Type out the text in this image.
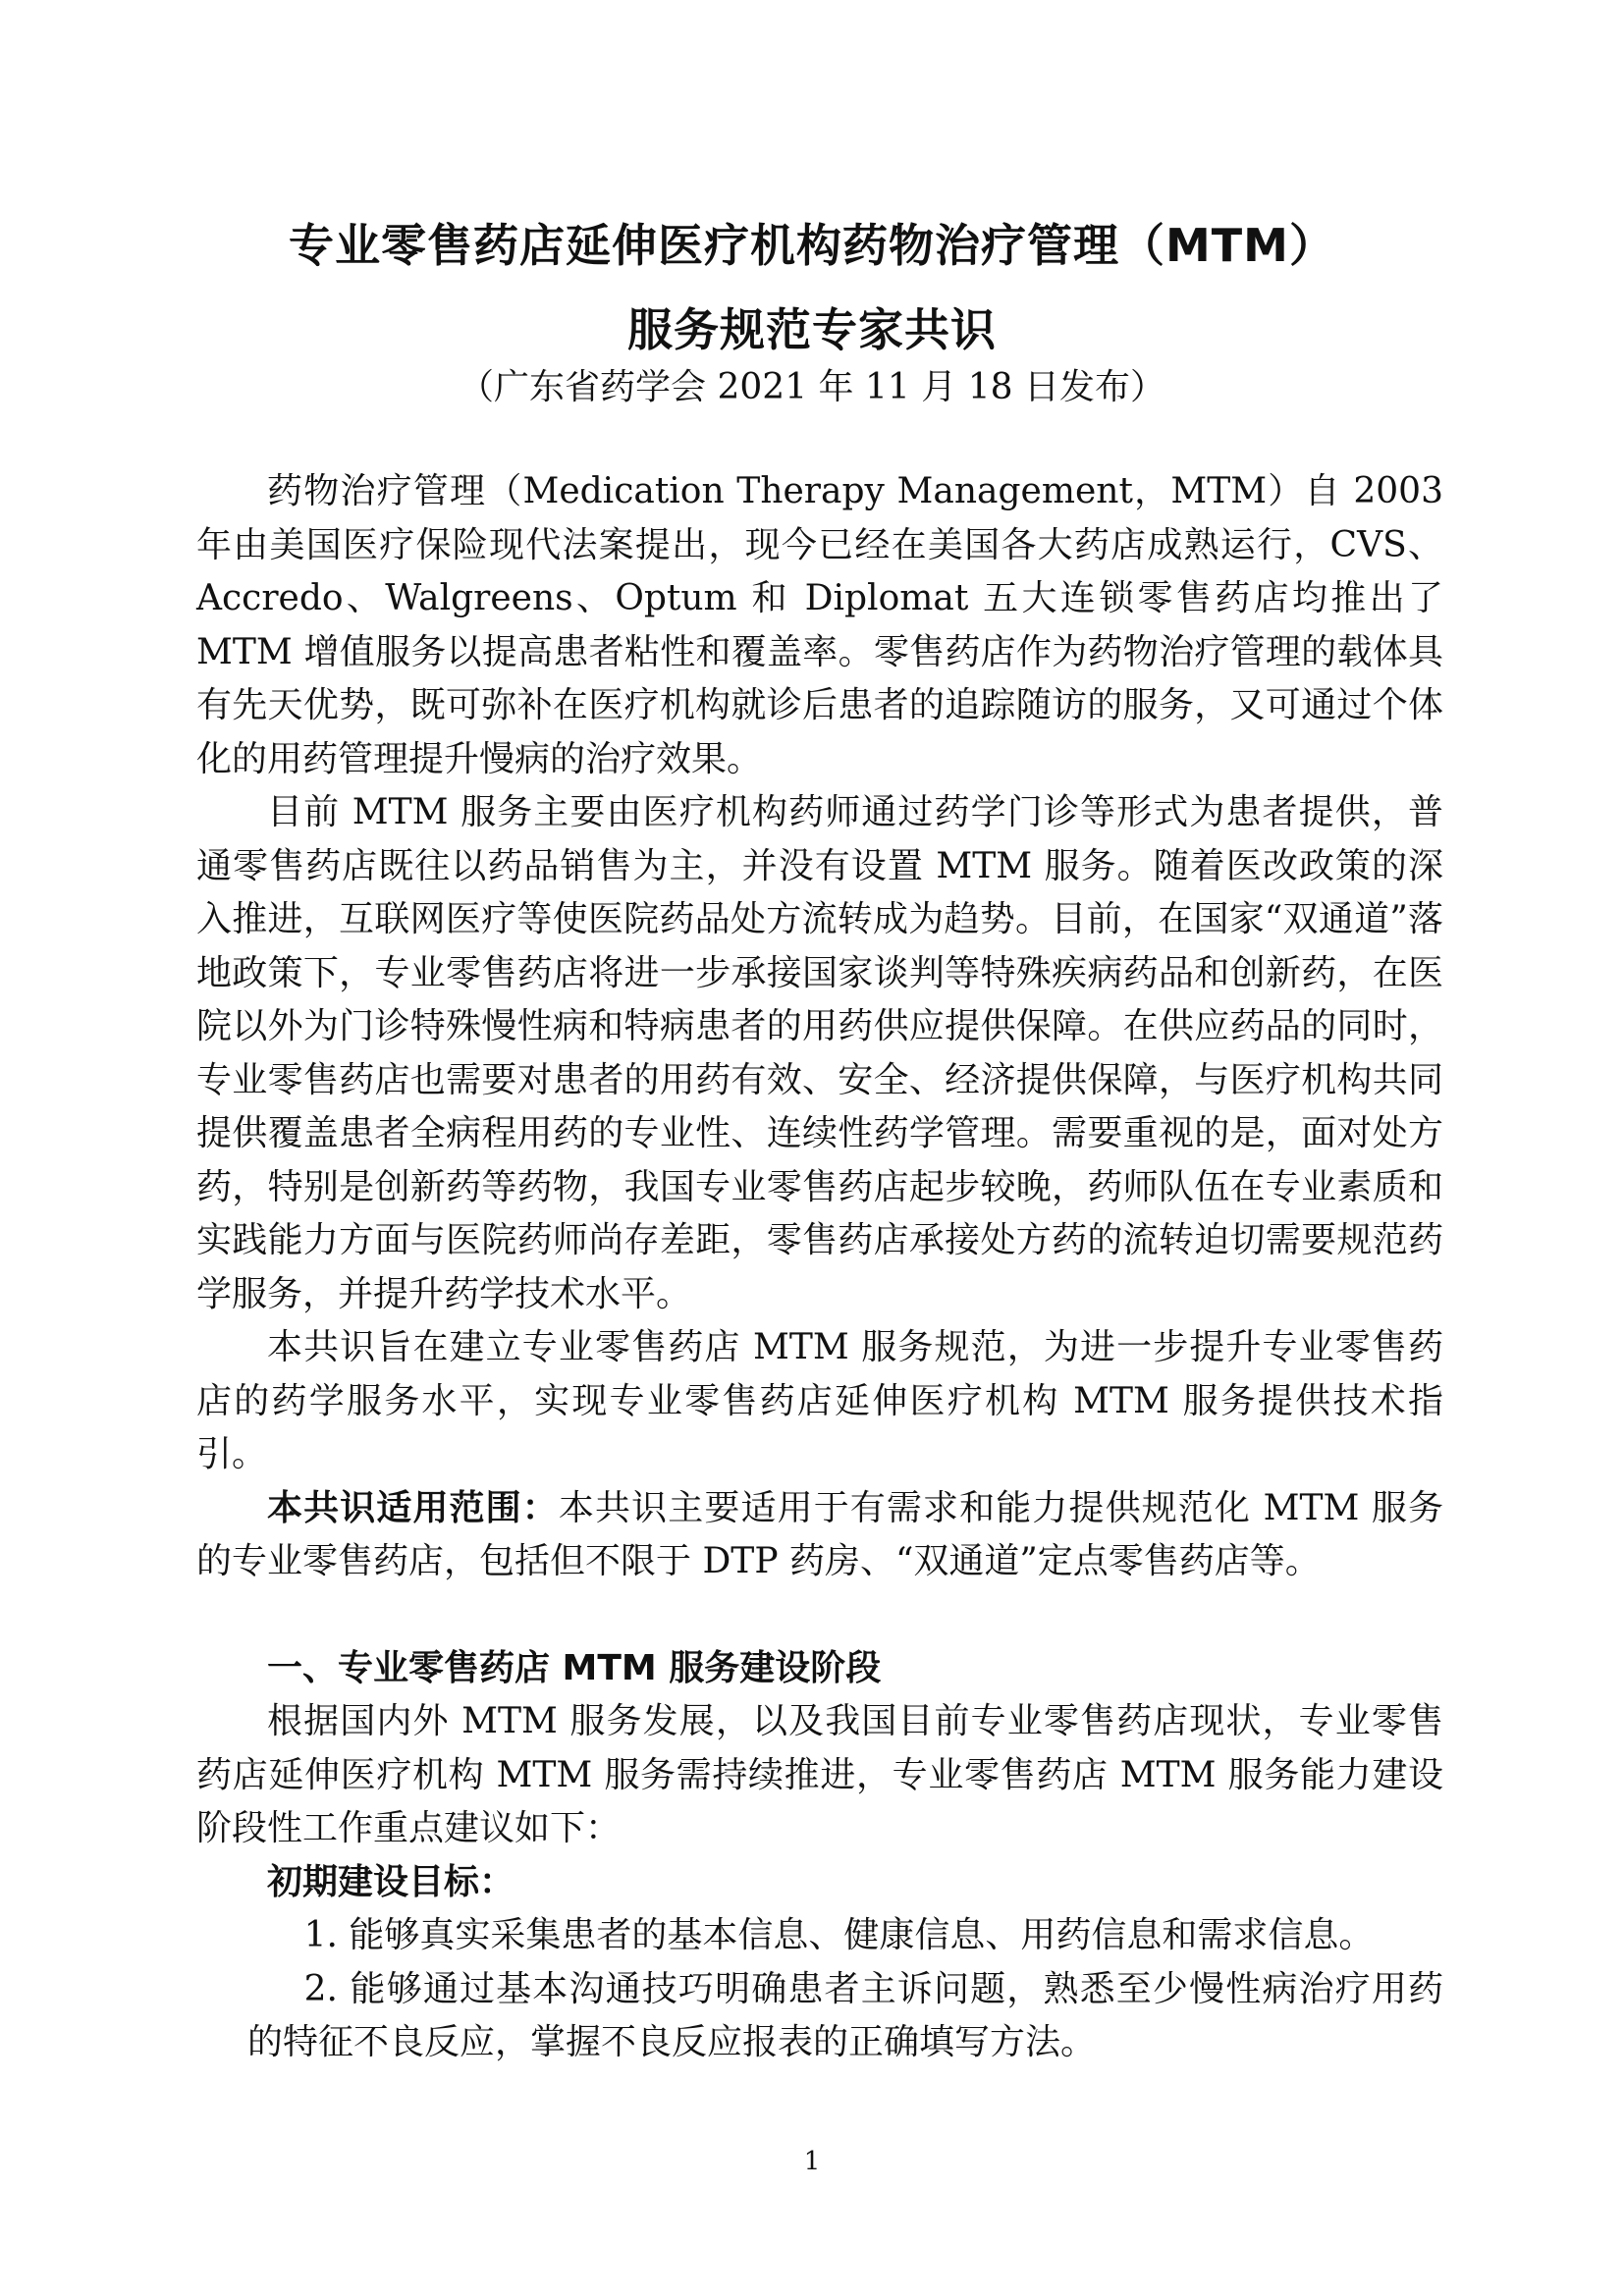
专业零售药店延伸医疗机构药物治疗管理（MTM）
服务规范专家共识
（广东省药学会 2021 年 11 月 18 日发布）

药物治疗管理（Medication Therapy Management，MTM）自 2003 年由美国医疗保险现代法案提出，现今已经在美国各大药店成熟运行，CVS、Accredo、Walgreens、Optum 和 Diplomat 五大连锁零售药店均推出了 MTM 增值服务以提高患者粘性和覆盖率。零售药店作为药物治疗管理的载体具有先天优势，既可弥补在医疗机构就诊后患者的追踪随访的服务，又可通过个体化的用药管理提升慢病的治疗效果。

目前 MTM 服务主要由医疗机构药师通过药学门诊等形式为患者提供，普通零售药店既往以药品销售为主，并没有设置 MTM 服务。随着医改政策的深入推进，互联网医疗等使医院药品处方流转成为趋势。目前，在国家“双通道”落地政策下，专业零售药店将进一步承接国家谈判等特殊疾病药品和创新药，在医院以外为门诊特殊慢性病和特病患者的用药供应提供保障。在供应药品的同时，专业零售药店也需要对患者的用药有效、安全、经济提供保障，与医疗机构共同提供覆盖患者全病程用药的专业性、连续性药学管理。需要重视的是，面对处方药，特别是创新药等药物，我国专业零售药店起步较晚，药师队伍在专业素质和实践能力方面与医院药师尚存差距，零售药店承接处方药的流转迫切需要规范药学服务，并提升药学技术水平。

本共识旨在建立专业零售药店 MTM 服务规范，为进一步提升专业零售药店的药学服务水平，实现专业零售药店延伸医疗机构 MTM 服务提供技术指引。

本共识适用范围：本共识主要适用于有需求和能力提供规范化 MTM 服务的专业零售药店，包括但不限于 DTP 药房、“双通道”定点零售药店等。

一、专业零售药店 MTM 服务建设阶段

根据国内外 MTM 服务发展，以及我国目前专业零售药店现状，专业零售药店延伸医疗机构 MTM 服务需持续推进，专业零售药店 MTM 服务能力建设阶段性工作重点建议如下：

初期建设目标：

1. 能够真实采集患者的基本信息、健康信息、用药信息和需求信息。

2. 能够通过基本沟通技巧明确患者主诉问题，熟悉至少慢性病治疗用药的特征不良反应，掌握不良反应报表的正确填写方法。

1
